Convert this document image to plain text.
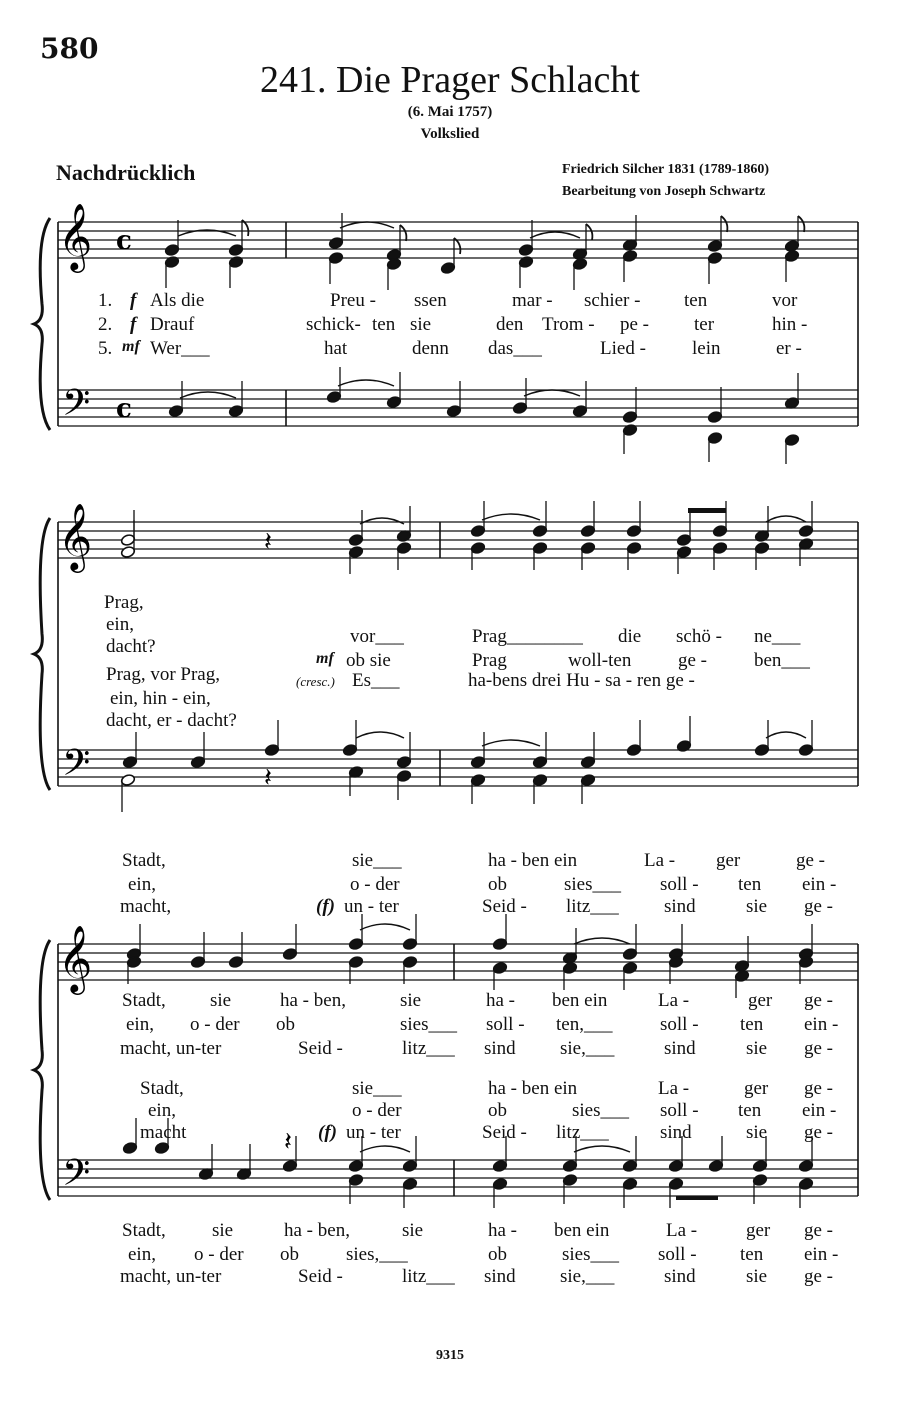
580
241. Die Prager Schlacht
(6. Mai 1757)
Volkslied
Nachdrücklich	Friedrich Silcher 1831 (1789-1860)
Bearbeitung von Joseph Schwartz
𝄞
𝄢
c
c
𝄞
𝄢
𝄽
𝄽
𝄞
𝄢
𝄽
1. f Als die	Preu - ssen	mar - schier - ten	vor
2. f Drauf	schick- ten sie	den Trom - pe - ter	hin -
5. mf Wer___	hat	denn das___	Lied - lein	er -
Prag,
ein,
dacht?	vor___	Prag________ die schö - ne___
mf ob sie	Prag	woll-ten ge - ben___
Prag, vor Prag,	(cresc.) Es___	ha-bens drei Hu - sa - ren ge -
ein, hin - ein,
dacht, er - dacht?
Stadt,	sie___	ha - ben ein	La - ger	ge -
ein,	o - der	ob	sies___ soll - ten ein -
macht,	(f) un - ter	Seid - litz___ sind	sie ge -
Stadt, sie	ha - ben,	sie	ha - ben ein	La -	ger ge -
ein, o - der ob	sies___ soll - ten,___	soll - ten ein -
macht, un-ter	Seid -	litz___ sind sie,___	sind	sie ge -
Stadt,	sie___	ha - ben ein	La -	ger ge -
ein,	o - der	ob	sies___ soll - ten ein -
macht	(f) un - ter	Seid - litz___	sind	sie ge -
Stadt, sie	ha - ben,	sie	ha - ben ein	La -	ger ge -
ein, o - der ob sies,___	ob	sies___ soll - ten ein -
macht, un-ter	Seid -	litz___ sind sie,___	sind	sie ge -
9315
